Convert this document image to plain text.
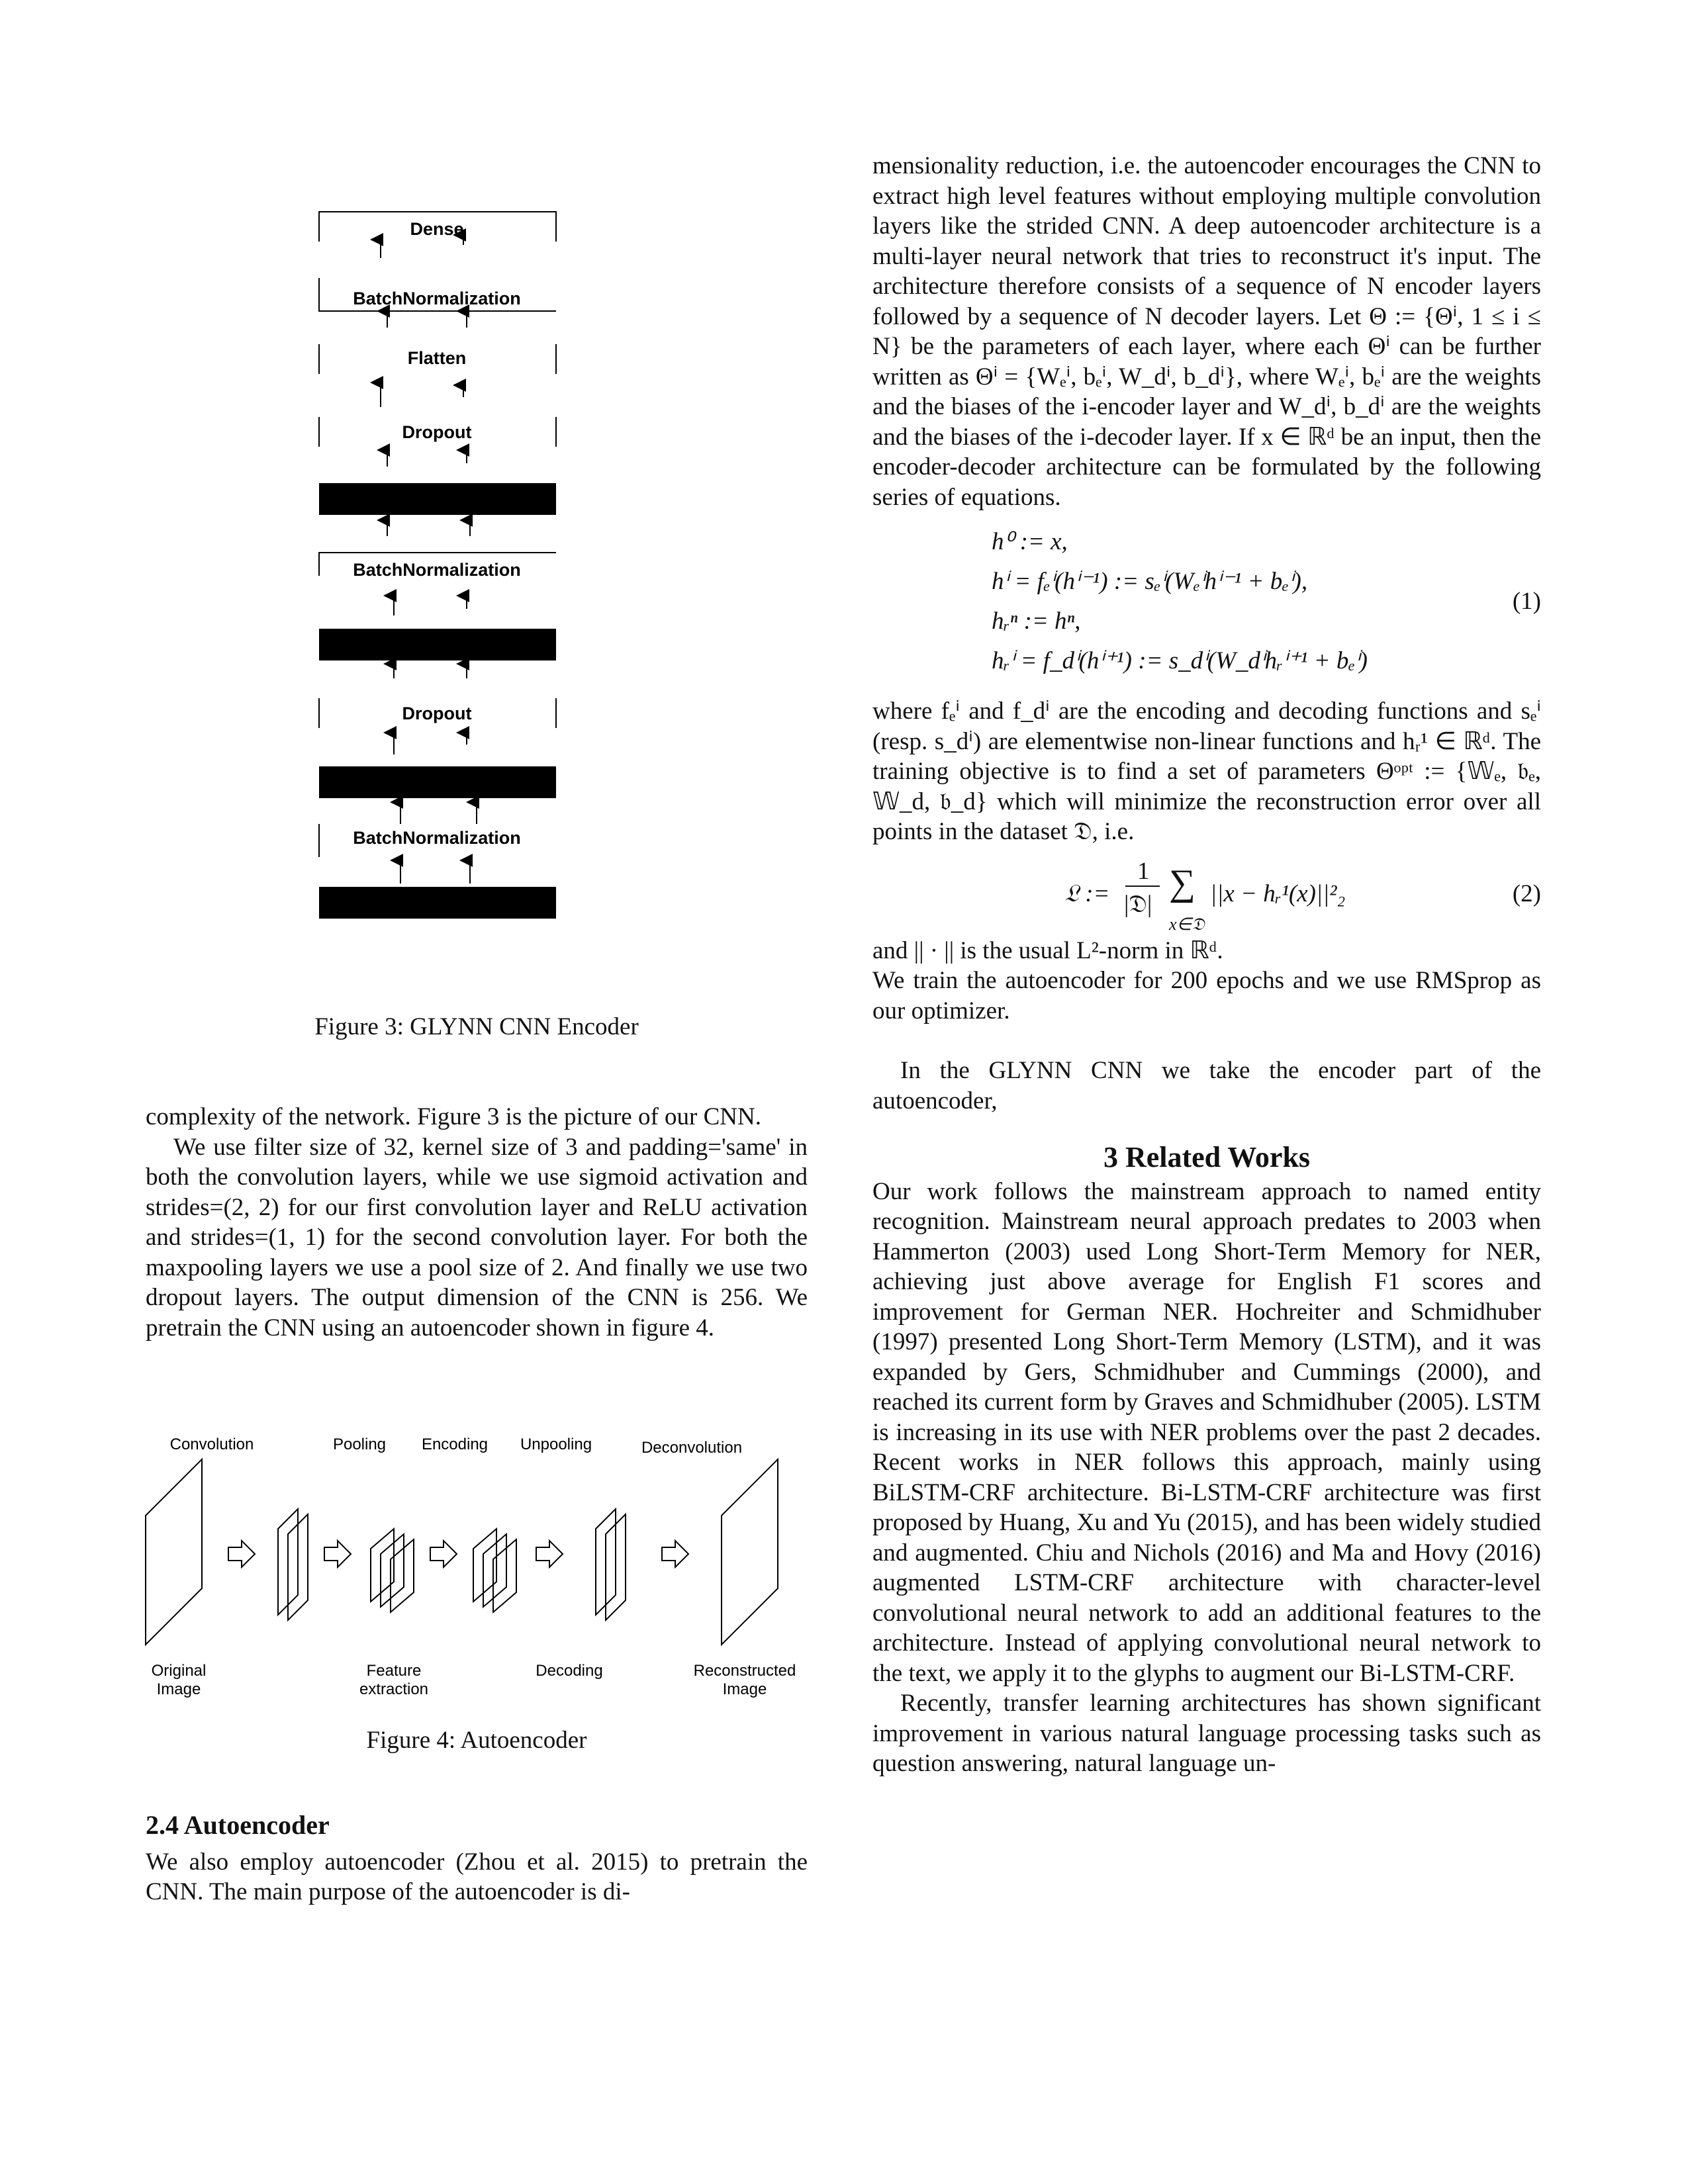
Dense
BatchNormalization
Flatten
Dropout
BatchNormalization
Dropout
BatchNormalization
Figure 3: GLYNN CNN Encoder

complexity of the network. Figure 3 is the picture of our CNN.

We use filter size of 32, kernel size of 3 and padding='same' in both the convolution layers, while we use sigmoid activation and strides=(2, 2) for our first convolution layer and ReLU activation and strides=(1, 1) for the second convolution layer. For both the maxpooling layers we use a pool size of 2. And finally we use two dropout layers. The output dimension of the CNN is 256. We pretrain the CNN using an autoencoder shown in figure 4.

Convolution	Pooling Encoding Unpooling	Deconvolution
Original
Image
Feature
extraction
Decoding	Reconstructed
Image
Figure 4: Autoencoder

2.4 Autoencoder

We also employ autoencoder (Zhou et al. 2015) to pretrain the CNN. The main purpose of the autoencoder is di-

mensionality reduction, i.e. the autoencoder encourages the CNN to extract high level features without employing multiple convolution layers like the strided CNN. A deep autoencoder architecture is a multi-layer neural network that tries to reconstruct it's input. The architecture therefore consists of a sequence of N encoder layers followed by a sequence of N decoder layers. Let Θ := {Θⁱ, 1 ≤ i ≤ N} be the parameters of each layer, where each Θⁱ can be further written as Θⁱ = {Wₑⁱ, bₑⁱ, W_dⁱ, b_dⁱ}, where Wₑⁱ, bₑⁱ are the weights and the biases of the i-encoder layer and W_dⁱ, b_dⁱ are the weights and the biases of the i-decoder layer. If x ∈ ℝᵈ be an input, then the encoder-decoder architecture can be formulated by the following series of equations.

h⁰ := x,
hⁱ = fₑⁱ(hⁱ⁻¹) := sₑⁱ(Wₑⁱhⁱ⁻¹ + bₑⁱ),
hᵣⁿ := hⁿ,
hᵣⁱ = f_dⁱ(hⁱ⁺¹) := s_dⁱ(W_dⁱhᵣⁱ⁺¹ + bₑⁱ)
(1)

where fₑⁱ and f_dⁱ are the encoding and decoding functions and sₑⁱ (resp. s_dⁱ) are elementwise non-linear functions and hᵣ¹ ∈ ℝᵈ. The training objective is to find a set of parameters Θᵒᵖᵗ := {𝕎ₑ, 𝔟ₑ, 𝕎_d, 𝔟_d} which will minimize the reconstruction error over all points in the dataset 𝔇, i.e.

𝔏 :=
1
|𝔇|
∑
x∈𝔇
||x − hᵣ¹(x)||²₂	(2)

and || · || is the usual L²-norm in ℝᵈ.

We train the autoencoder for 200 epochs and we use RMSprop as our optimizer.

In the GLYNN CNN we take the encoder part of the autoencoder,

3 Related Works

Our work follows the mainstream approach to named entity recognition. Mainstream neural approach predates to 2003 when Hammerton (2003) used Long Short-Term Memory for NER, achieving just above average for English F1 scores and improvement for German NER. Hochreiter and Schmidhuber (1997) presented Long Short-Term Memory (LSTM), and it was expanded by Gers, Schmidhuber and Cummings (2000), and reached its current form by Graves and Schmidhuber (2005). LSTM is increasing in its use with NER problems over the past 2 decades. Recent works in NER follows this approach, mainly using BiLSTM-CRF architecture. Bi-LSTM-CRF architecture was first proposed by Huang, Xu and Yu (2015), and has been widely studied and augmented. Chiu and Nichols (2016) and Ma and Hovy (2016) augmented LSTM-CRF architecture with character-level convolutional neural network to add an additional features to the architecture. Instead of applying convolutional neural network to the text, we apply it to the glyphs to augment our Bi-LSTM-CRF.

Recently, transfer learning architectures has shown significant improvement in various natural language processing tasks such as question answering, natural language un-
